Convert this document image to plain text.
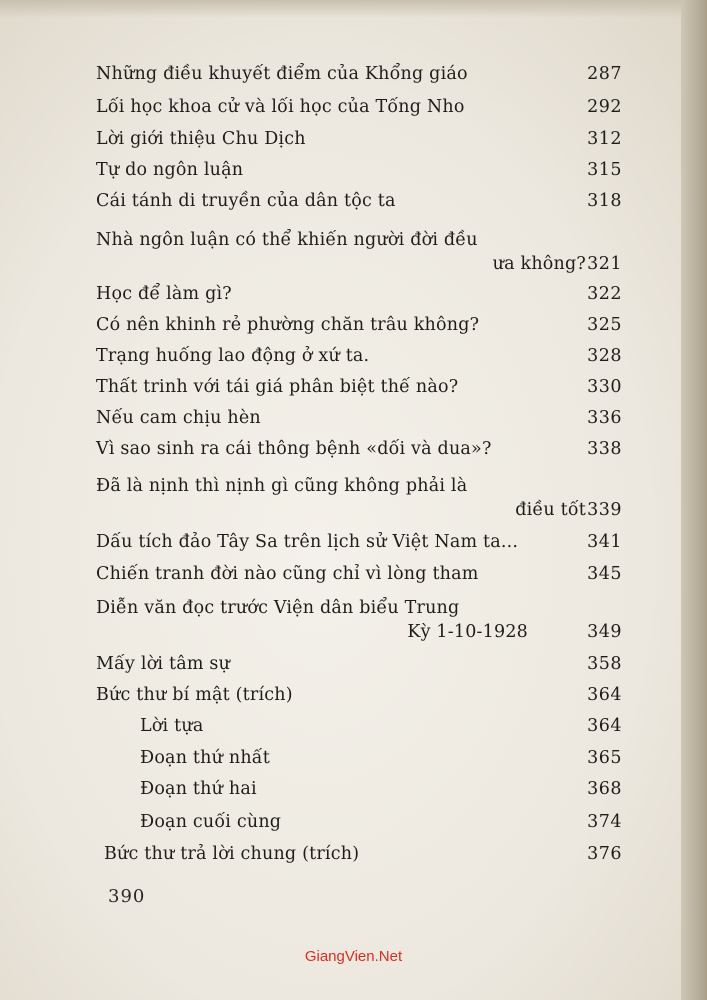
Những điều khuyết điểm của Khổng giáo	287
Lối học khoa cử và lối học của Tống Nho	292
Lời giới thiệu Chu Dịch	312
Tự do ngôn luận	315
Cái tánh di truyền của dân tộc ta	318
Nhà ngôn luận có thể khiến người đời đều
ưa không? 321
Học để làm gì?	322
Có nên khinh rẻ phường chăn trâu không?	325
Trạng huống lao động ở xứ ta.	328
Thất trinh với tái giá phân biệt thế nào?	330
Nếu cam chịu hèn	336
Vì sao sinh ra cái thông bệnh «dối và dua»?	338
Đã là nịnh thì nịnh gì cũng không phải là
điều tốt 339
Dấu tích đảo Tây Sa trên lịch sử Việt Nam ta...	341
Chiến tranh đời nào cũng chỉ vì lòng tham	345
Diễn văn đọc trước Viện dân biểu Trung
Kỳ 1-10-1928	349
Mấy lời tâm sự	358
Bức thư bí mật (trích)	364
Lời tựa	364
Đoạn thứ nhất	365
Đoạn thứ hai	368
Đoạn cuối cùng	374
Bức thư trả lời chung (trích)	376
390
GiangVien.Net
